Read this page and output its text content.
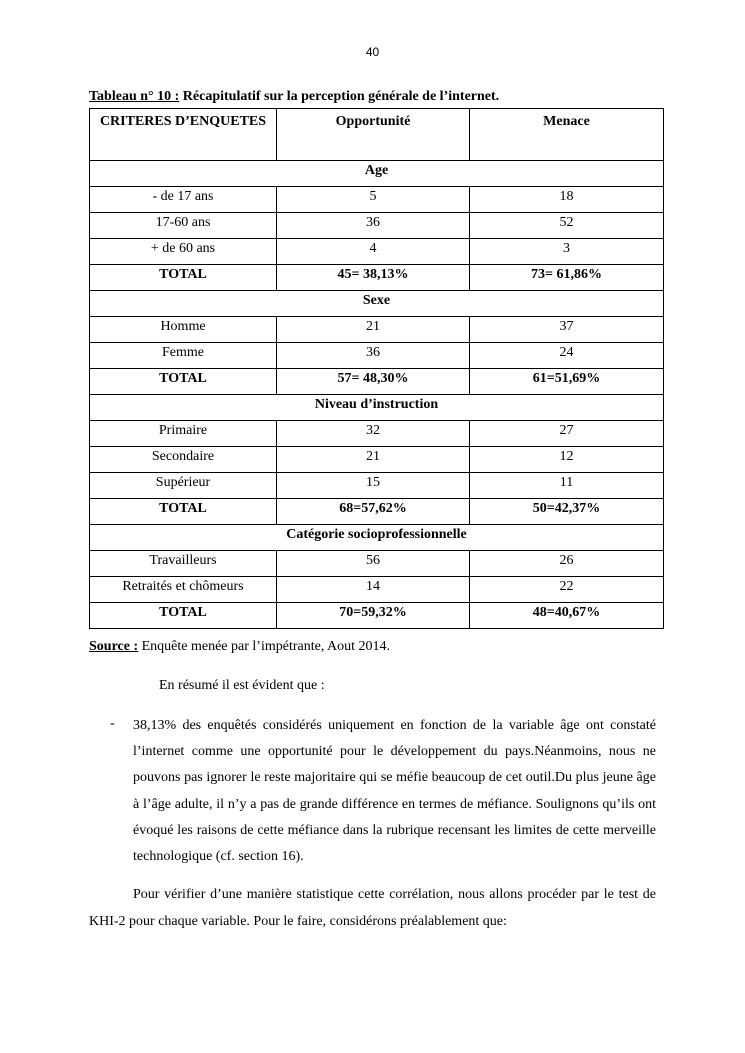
40
Tableau n° 10 : Récapitulatif sur la perception générale de l’internet.
CRITERES D’ENQUETES	Opportunité	Menace
Age		
- de 17 ans	5	18
17-60 ans	36	52
+ de 60 ans	4	3
TOTAL	45= 38,13%	73= 61,86%
Sexe		
Homme	21	37
Femme	36	24
TOTAL	57= 48,30%	61=51,69%
Niveau d’instruction		
Primaire	32	27
Secondaire	21	12
Supérieur	15	11
TOTAL	68=57,62%	50=42,37%
Catégorie socioprofessionnelle		
Travailleurs	56	26
Retraités et chômeurs	14	22
TOTAL	70=59,32%	48=40,67%
Source : Enquête menée par l’impétrante, Aout 2014.
En résumé il est évident que :
- 38,13% des enquêtés considérés uniquement en fonction de la variable âge ont constaté l’internet comme une opportunité pour le développement du pays.Néanmoins, nous ne pouvons pas ignorer le reste majoritaire qui se méfie beaucoup de cet outil.Du plus jeune âge à l’âge adulte, il n’y a pas de grande différence en termes de méfiance. Soulignons qu’ils ont évoqué les raisons de cette méfiance dans la rubrique recensant les limites de cette merveille technologique (cf. section 16).
Pour vérifier d’une manière statistique cette corrélation, nous allons procéder par le test de KHI-2 pour chaque variable. Pour le faire, considérons préalablement que:
